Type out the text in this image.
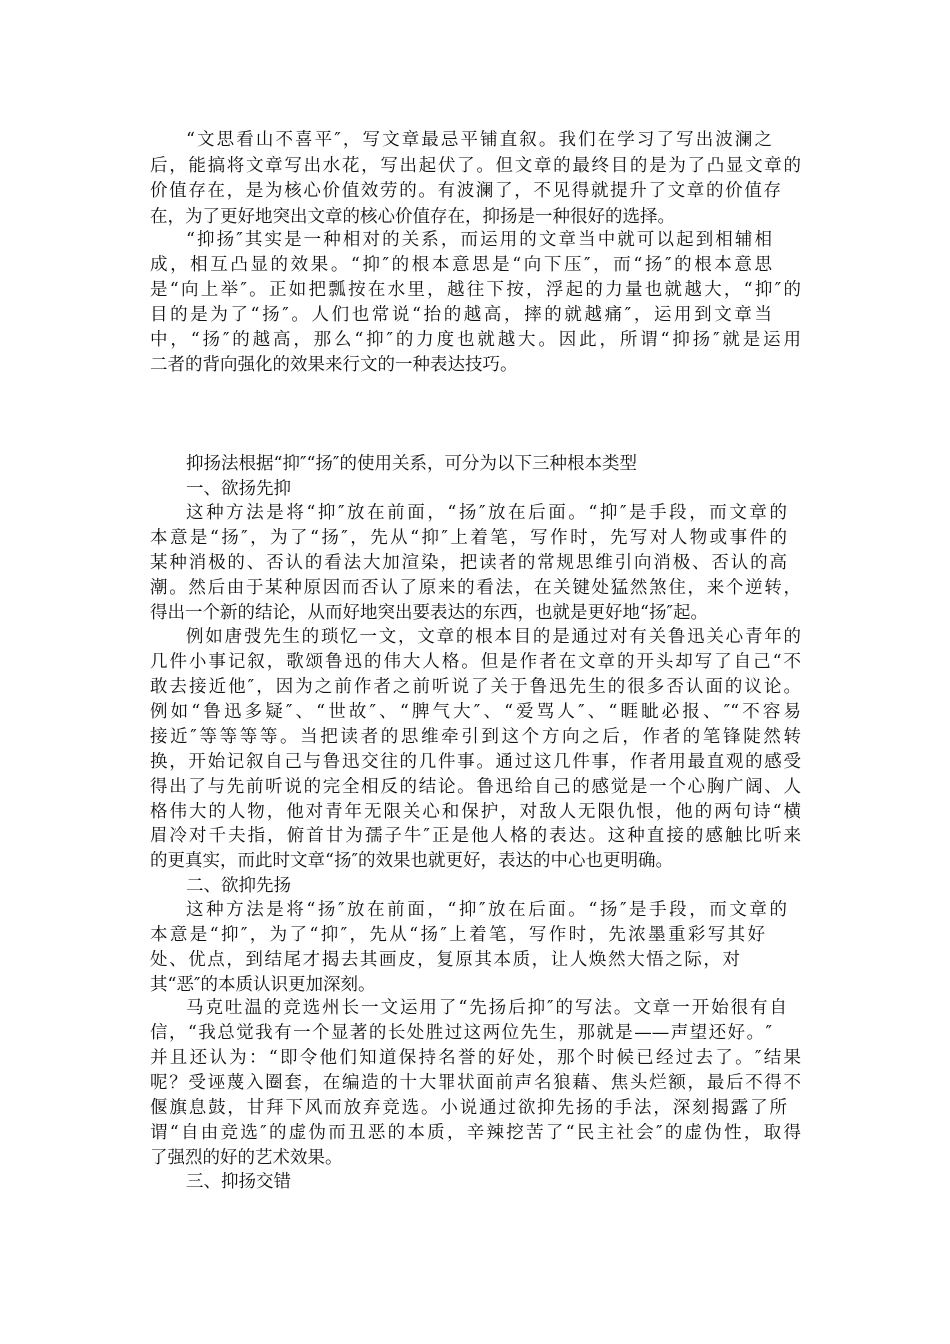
“文思看山不喜平″，写文章最忌平铺直叙。我们在学习了写出波澜之
后，能搞将文章写出水花，写出起伏了。但文章的最终目的是为了凸显文章的
价值存在，是为核心价值效劳的。有波澜了，不见得就提升了文章的价值存
在，为了更好地突出文章的核心价值存在，抑扬是一种很好的选择。
“抑扬″其实是一种相对的关系，而运用的文章当中就可以起到相辅相
成，相互凸显的效果。“抑″的根本意思是“向下压″，而“扬″的根本意思
是“向上举″。正如把瓢按在水里，越往下按，浮起的力量也就越大，“抑″的
目的是为了“扬″。人们也常说“抬的越高，摔的就越痛″，运用到文章当
中，“扬″的越高，那么“抑″的力度也就越大。因此，所谓“抑扬″就是运用
二者的背向强化的效果来行文的一种表达技巧。
抑扬法根据“抑″“扬″的使用关系，可分为以下三种根本类型
一、欲扬先抑
这种方法是将“抑″放在前面，“扬″放在后面。“抑″是手段，而文章的
本意是“扬″，为了“扬″，先从“抑″上着笔，写作时，先写对人物或事件的
某种消极的、否认的看法大加渲染，把读者的常规思维引向消极、否认的高
潮。然后由于某种原因而否认了原来的看法，在关键处猛然煞住，来个逆转，
得出一个新的结论，从而好地突出要表达的东西，也就是更好地“扬″起。
例如唐弢先生的琐忆一文，文章的根本目的是通过对有关鲁迅关心青年的
几件小事记叙，歌颂鲁迅的伟大人格。但是作者在文章的开头却写了自己“不
敢去接近他″，因为之前作者之前听说了关于鲁迅先生的很多否认面的议论。
例如“鲁迅多疑″、“世故″、“脾气大″、“爱骂人″、“睚眦必报、″“不容易
接近″等等等等。当把读者的思维牵引到这个方向之后，作者的笔锋陡然转
换，开始记叙自己与鲁迅交往的几件事。通过这几件事，作者用最直观的感受
得出了与先前听说的完全相反的结论。鲁迅给自己的感觉是一个心胸广阔、人
格伟大的人物，他对青年无限关心和保护，对敌人无限仇恨，他的两句诗“横
眉冷对千夫指，俯首甘为孺子牛″正是他人格的表达。这种直接的感触比听来
的更真实，而此时文章“扬″的效果也就更好，表达的中心也更明确。
二、欲抑先扬
这种方法是将“扬″放在前面，“抑″放在后面。“扬″是手段，而文章的
本意是“抑″，为了“抑″，先从“扬″上着笔，写作时，先浓墨重彩写其好
处、优点，到结尾才揭去其画皮，复原其本质，让人焕然大悟之际，对
其“恶″的本质认识更加深刻。
马克吐温的竞选州长一文运用了“先扬后抑″的写法。文章一开始很有自
信，“我总觉我有一个显著的长处胜过这两位先生，那就是——声望还好。″
并且还认为：“即令他们知道保持名誉的好处，那个时候已经过去了。″结果
呢？受诬蔑入圈套，在编造的十大罪状面前声名狼藉、焦头烂额，最后不得不
偃旗息鼓，甘拜下风而放弃竞选。小说通过欲抑先扬的手法，深刻揭露了所
谓“自由竞选″的虚伪而丑恶的本质，辛辣挖苦了“民主社会″的虚伪性，取得
了强烈的好的艺术效果。
三、抑扬交错
